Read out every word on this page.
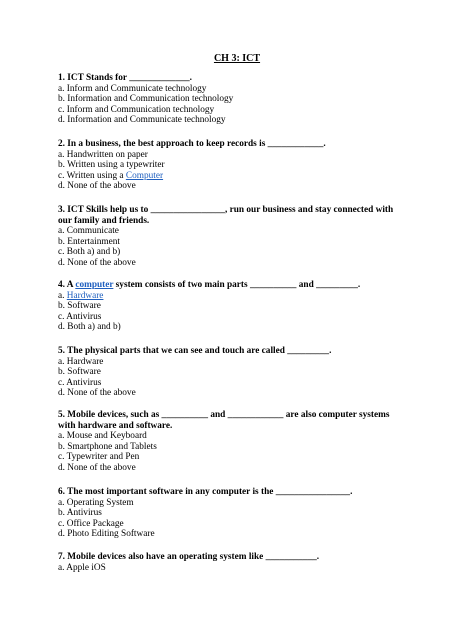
CH 3: ICT
1. ICT Stands for _____________.
a. Inform and Communicate technology
b. Information and Communication technology
c. Inform and Communication technology
d. Information and Communicate technology
2. In a business, the best approach to keep records is ____________.
a. Handwritten on paper
b. Written using a typewriter
c. Written using a Computer
d. None of the above
3. ICT Skills help us to ________________, run our business and stay connected with
our family and friends.
a. Communicate
b. Entertainment
c. Both a) and b)
d. None of the above
4. A computer system consists of two main parts __________ and _________.
a. Hardware
b. Software
c. Antivirus
d. Both a) and b)
5. The physical parts that we can see and touch are called _________.
a. Hardware
b. Software
c. Antivirus
d. None of the above
5. Mobile devices, such as __________ and ____________ are also computer systems
with hardware and software.
a. Mouse and Keyboard
b. Smartphone and Tablets
c. Typewriter and Pen
d. None of the above
6. The most important software in any computer is the ________________.
a. Operating System
b. Antivirus
c. Office Package
d. Photo Editing Software
7. Mobile devices also have an operating system like ___________.
a. Apple iOS
